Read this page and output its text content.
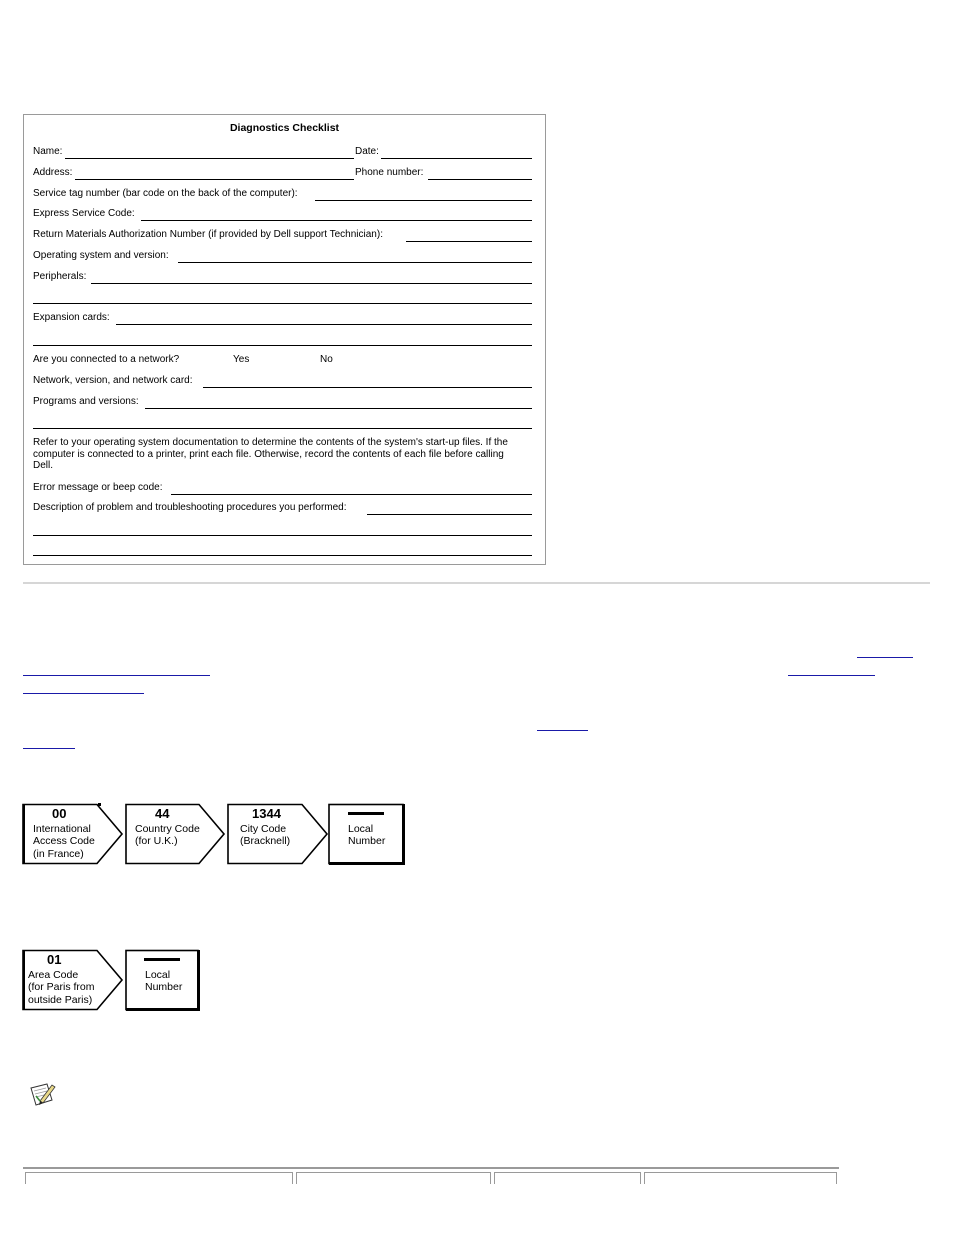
Diagnostics Checklist
Name:	Date:
Address:	Phone number:
Service tag number (bar code on the back of the computer):
Express Service Code:
Return Materials Authorization Number (if provided by Dell support Technician):
Operating system and version:
Peripherals:
Expansion cards:
Are you connected to a network?	Yes	No
Network, version, and network card:
Programs and versions:
Refer to your operating system documentation to determine the contents of the system's start-up files. If the computer is connected to a printer, print each file. Otherwise, record the contents of each file before calling Dell.
Error message or beep code:
Description of problem and troubleshooting procedures you performed:
00
International
Access Code
(in France)
44
Country Code
(for U.K.)
1344
City Code
(Bracknell)
Local
Number
01
Area Code
(for Paris from
outside Paris)
Local
Number
